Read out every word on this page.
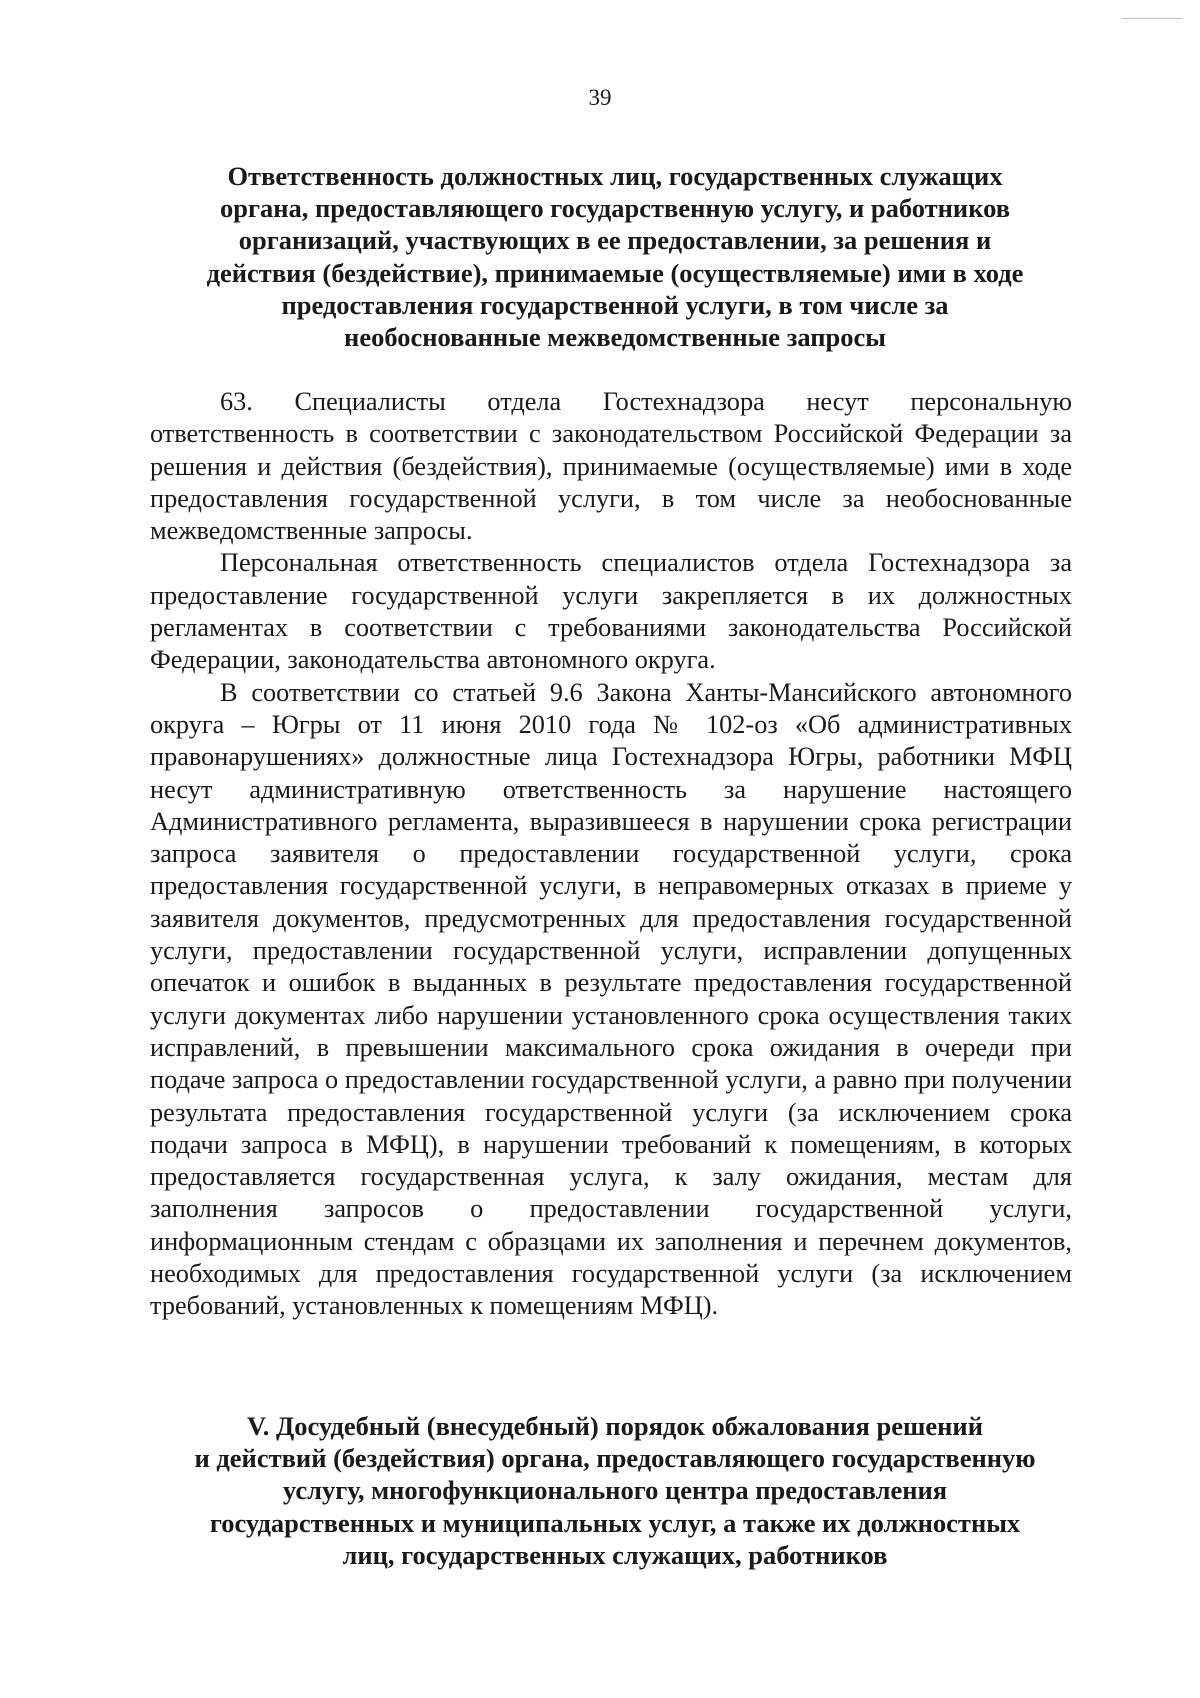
39
Ответственность должностных лиц, государственных служащих
органа, предоставляющего государственную услугу, и работников
организаций, участвующих в ее предоставлении, за решения и
действия (бездействие), принимаемые (осуществляемые) ими в ходе
предоставления государственной услуги, в том числе за
необоснованные межведомственные запросы

63. Специалисты отдела Гостехнадзора несут персональную ответственность в соответствии с законодательством Российской Федерации за решения и действия (бездействия), принимаемые (осуществляемые) ими в ходе предоставления государственной услуги, в том числе за необоснованные межведомственные запросы.

Персональная ответственность специалистов отдела Гостехнадзора за предоставление государственной услуги закрепляется в их должностных регламентах в соответствии с требованиями законодательства Российской Федерации, законодательства автономного округа.

В соответствии со статьей 9.6 Закона Ханты-Мансийского автономного округа – Югры от 11 июня 2010 года № 102-оз «Об административных правонарушениях» должностные лица Гостехнадзора Югры, работники МФЦ несут административную ответственность за нарушение настоящего Административного регламента, выразившееся в нарушении срока регистрации запроса заявителя о предоставлении государственной услуги, срока предоставления государственной услуги, в неправомерных отказах в приеме у заявителя документов, предусмотренных для предоставления государственной услуги, предоставлении государственной услуги, исправлении допущенных опечаток и ошибок в выданных в результате предоставления государственной услуги документах либо нарушении установленного срока осуществления таких исправлений, в превышении максимального срока ожидания в очереди при подаче запроса о предоставлении государственной услуги, а равно при получении результата предоставления государственной услуги (за исключением срока подачи запроса в МФЦ), в нарушении требований к помещениям, в которых предоставляется государственная услуга, к залу ожидания, местам для заполнения запросов о предоставлении государственной услуги, информационным стендам с образцами их заполнения и перечнем документов, необходимых для предоставления государственной услуги (за исключением требований, установленных к помещениям МФЦ).

V. Досудебный (внесудебный) порядок обжалования решений
и действий (бездействия) органа, предоставляющего государственную
услугу, многофункционального центра предоставления
государственных и муниципальных услуг, а также их должностных
лиц, государственных служащих, работников
